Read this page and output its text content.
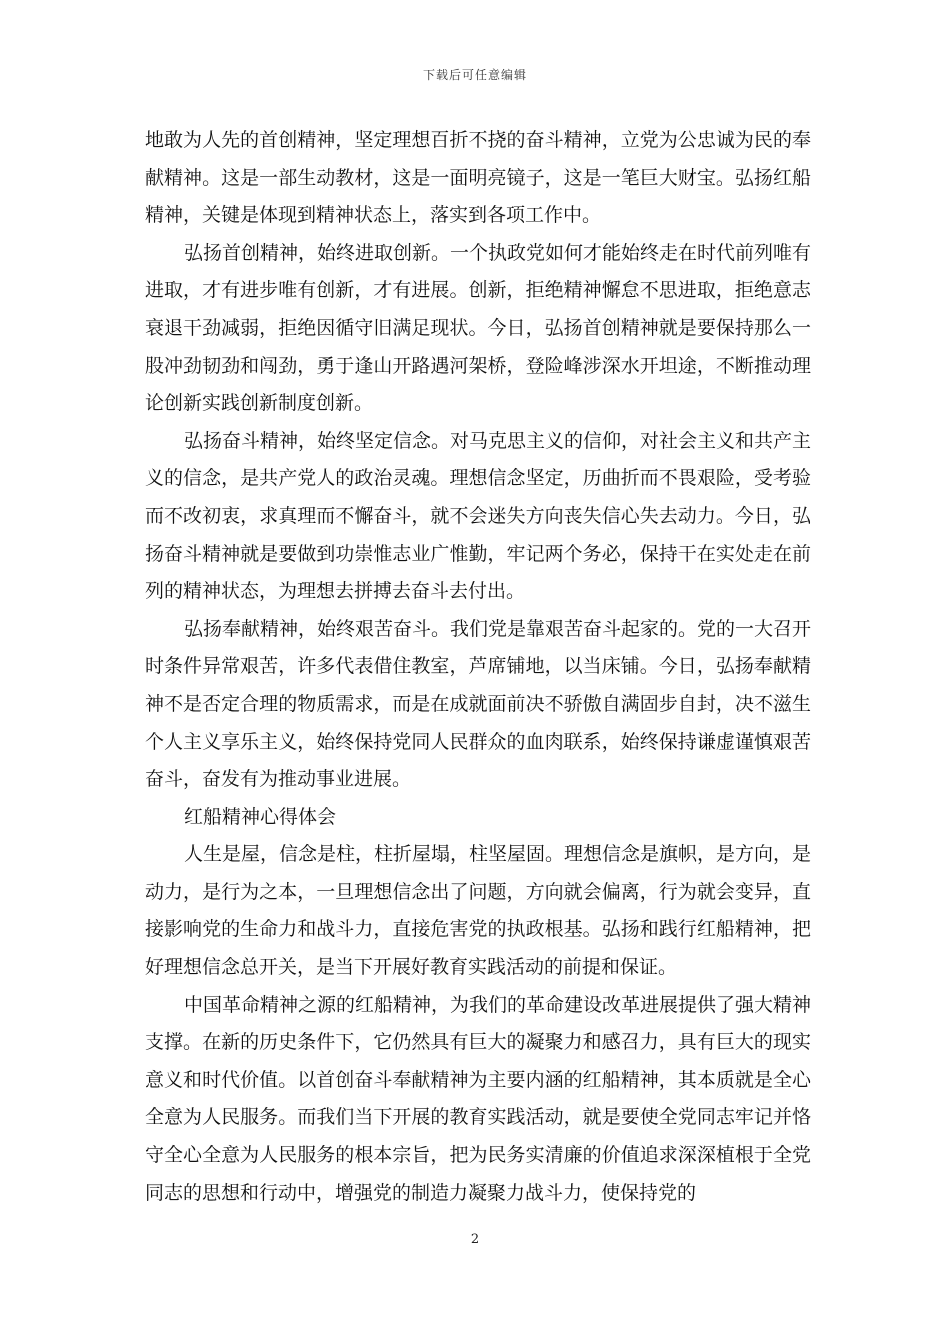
下载后可任意编辑

地敢为人先的首创精神，坚定理想百折不挠的奋斗精神，立党为公忠诚为民的奉献精神。这是一部生动教材，这是一面明亮镜子，这是一笔巨大财宝。弘扬红船精神，关键是体现到精神状态上，落实到各项工作中。

弘扬首创精神，始终进取创新。一个执政党如何才能始终走在时代前列唯有进取，才有进步唯有创新，才有进展。创新，拒绝精神懈怠不思进取，拒绝意志衰退干劲减弱，拒绝因循守旧满足现状。今日，弘扬首创精神就是要保持那么一股冲劲韧劲和闯劲，勇于逢山开路遇河架桥，登险峰涉深水开坦途，不断推动理论创新实践创新制度创新。

弘扬奋斗精神，始终坚定信念。对马克思主义的信仰，对社会主义和共产主义的信念，是共产党人的政治灵魂。理想信念坚定，历曲折而不畏艰险，受考验而不改初衷，求真理而不懈奋斗，就不会迷失方向丧失信心失去动力。今日，弘扬奋斗精神就是要做到功崇惟志业广惟勤，牢记两个务必，保持干在实处走在前列的精神状态，为理想去拼搏去奋斗去付出。

弘扬奉献精神，始终艰苦奋斗。我们党是靠艰苦奋斗起家的。党的一大召开时条件异常艰苦，许多代表借住教室，芦席铺地，以当床铺。今日，弘扬奉献精神不是否定合理的物质需求，而是在成就面前决不骄傲自满固步自封，决不滋生个人主义享乐主义，始终保持党同人民群众的血肉联系，始终保持谦虚谨慎艰苦奋斗，奋发有为推动事业进展。

红船精神心得体会

人生是屋，信念是柱，柱折屋塌，柱坚屋固。理想信念是旗帜，是方向，是动力，是行为之本，一旦理想信念出了问题，方向就会偏离，行为就会变异，直接影响党的生命力和战斗力，直接危害党的执政根基。弘扬和践行红船精神，把好理想信念总开关，是当下开展好教育实践活动的前提和保证。

中国革命精神之源的红船精神，为我们的革命建设改革进展提供了强大精神支撑。在新的历史条件下，它仍然具有巨大的凝聚力和感召力，具有巨大的现实意义和时代价值。以首创奋斗奉献精神为主要内涵的红船精神，其本质就是全心全意为人民服务。而我们当下开展的教育实践活动，就是要使全党同志牢记并恪守全心全意为人民服务的根本宗旨，把为民务实清廉的价值追求深深植根于全党同志的思想和行动中，增强党的制造力凝聚力战斗力，使保持党的

2
